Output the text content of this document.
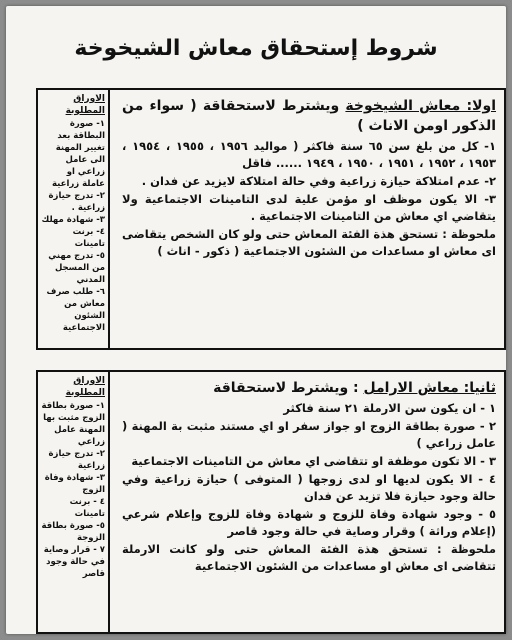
شروط إستحقاق معاش الشيخوخة
اولا: معاش الشيخوخة ويشترط لاستحقاقة ( سواء من الذكور اومن الاناث )
١- كل من بلغ سن ٦٥ سنة فاكثر ( مواليد ١٩٥٦ ، ١٩٥٥ ، ١٩٥٤ ، ١٩٥٣ ، ١٩٥٢ ، ١٩٥١ ، ١٩٥٠ ، ١٩٤٩ ...... فاقل
٢- عدم امتلاكة حيازة زراعية وفي حالة امتلاكة لايزيد عن فدان .
٣- الا يكون موظف او مؤمن علية لدى التامينات الاجتماعية ولا يتقاضي اي معاش من التامينات الاجتماعية .
ملحوظة : تستحق هذة الفئة المعاش حتى ولو كان الشخص يتقاضى اى معاش او مساعدات من الشئون الاجتماعية ( ذكور - اناث )
الاوراق المطلوبة
١- صورة البطاقة بعد تغيير المهنة الى عامل زراعي او عاملة زراعية
٢- تدرج حيازة زراعية .
٣- شهادة مهلك
٤- برنت تامينات
٥- تدرج مهني من المسجل المدني
٦- طلب صرف معاش من الشئون الاجتماعية
ثانيا: معاش الارامل : ويشترط لاستحقاقة
١ - ان يكون سن الارملة ٢١ سنة فاكثر
٢ - صورة بطاقة الزوج او جواز سفر او اي مستند مثبت بة المهنة ( عامل زراعي )
٣ - الا تكون موظفة او تتقاضى اي معاش من التامينات الاجتماعية
٤ - الا يكون لديها او لدى زوجها ( المتوفى ) حيازة زراعية وفي حالة وجود حيازة فلا تزيد عن فدان
٥ - وجود شهادة وفاة للزوج و شهادة وفاة للزوج وإعلام شرعي (إعلام وراثة ) وقرار وصاية في حالة وجود قاصر
ملحوظة : تستحق هذة الفئة المعاش حتى ولو كانت الارملة تتقاضى اى معاش او مساعدات من الشئون الاجتماعية
الاوراق المطلوبة
١- صورة بطاقة الزوج مثبت بها المهنة عامل زراعي
٢- تدرج حيازة زراعية
٣- شهادة وفاة الزوج
٤ - برنت تامينات
٥- صورة بطاقة الزوجة
٧ - قرار وصاية في حالة وجود قاصر
